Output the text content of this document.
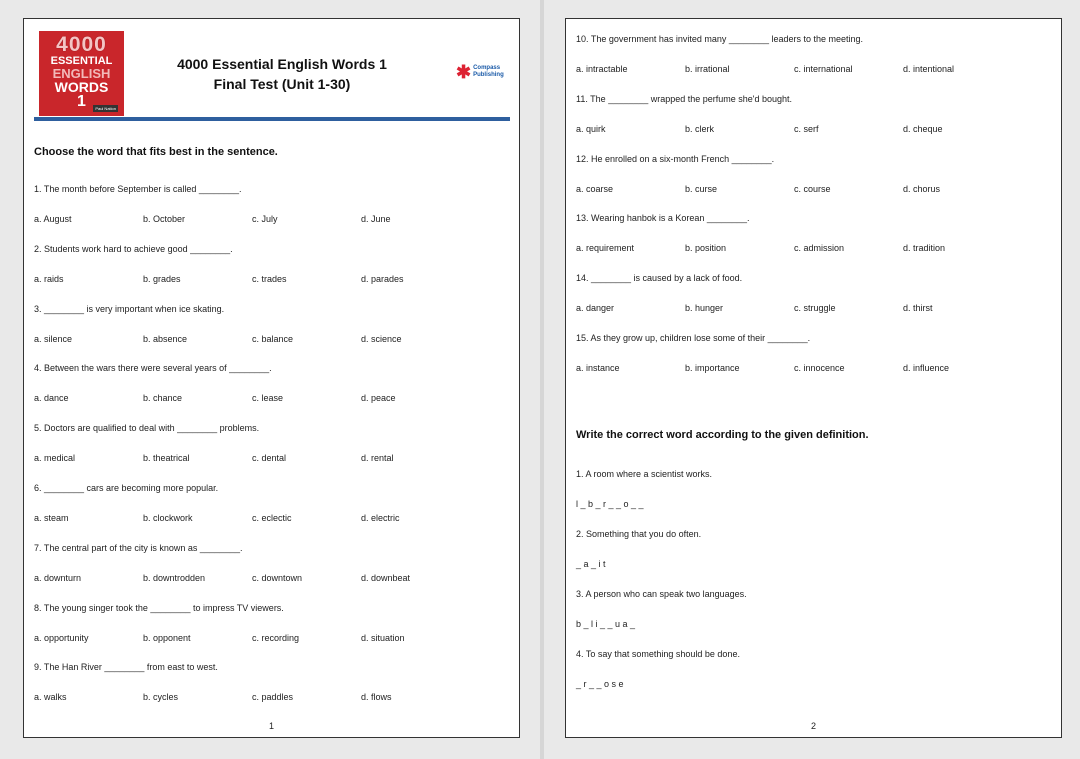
4000
ESSENTIAL
ENGLISH
WORDS
1	Paul Nation
4000 Essential English Words 1
Final Test (Unit 1-30)
✱ Compass
Publishing
Choose the word that fits best in the sentence.
1. The month before September is called ________.
a. August	b. October	c. July	d. June
2. Students work hard to achieve good ________.
a. raids	b. grades	c. trades	d. parades
3. ________ is very important when ice skating.
a. silence	b. absence	c. balance	d. science
4. Between the wars there were several years of ________.
a. dance	b. chance	c. lease	d. peace
5. Doctors are qualified to deal with ________ problems.
a. medical	b. theatrical	c. dental	d. rental
6. ________ cars are becoming more popular.
a. steam	b. clockwork	c. eclectic	d. electric
7. The central part of the city is known as ________.
a. downturn	b. downtrodden	c. downtown	d. downbeat
8. The young singer took the ________ to impress TV viewers.
a. opportunity	b. opponent	c. recording	d. situation
9. The Han River ________ from east to west.
a. walks	b. cycles	c. paddles	d. flows
1
10. The government has invited many ________ leaders to the meeting.
a. intractable	b. irrational	c. international	d. intentional
11. The ________ wrapped the perfume she'd bought.
a. quirk	b. clerk	c. serf	d. cheque
12. He enrolled on a six-month French ________.
a. coarse	b. curse	c. course	d. chorus
13. Wearing hanbok is a Korean ________.
a. requirement	b. position	c. admission	d. tradition
14. ________ is caused by a lack of food.
a. danger	b. hunger	c. struggle	d. thirst
15. As they grow up, children lose some of their ________.
a. instance	b. importance	c. innocence	d. influence
Write the correct word according to the given definition.
1. A room where a scientist works.
l _ b _ r _ _ o _ _
2. Something that you do often.
_ a _ i t
3. A person who can speak two languages.
b _ l i _ _ u a _
4. To say that something should be done.
_ r _ _ o s e
2
